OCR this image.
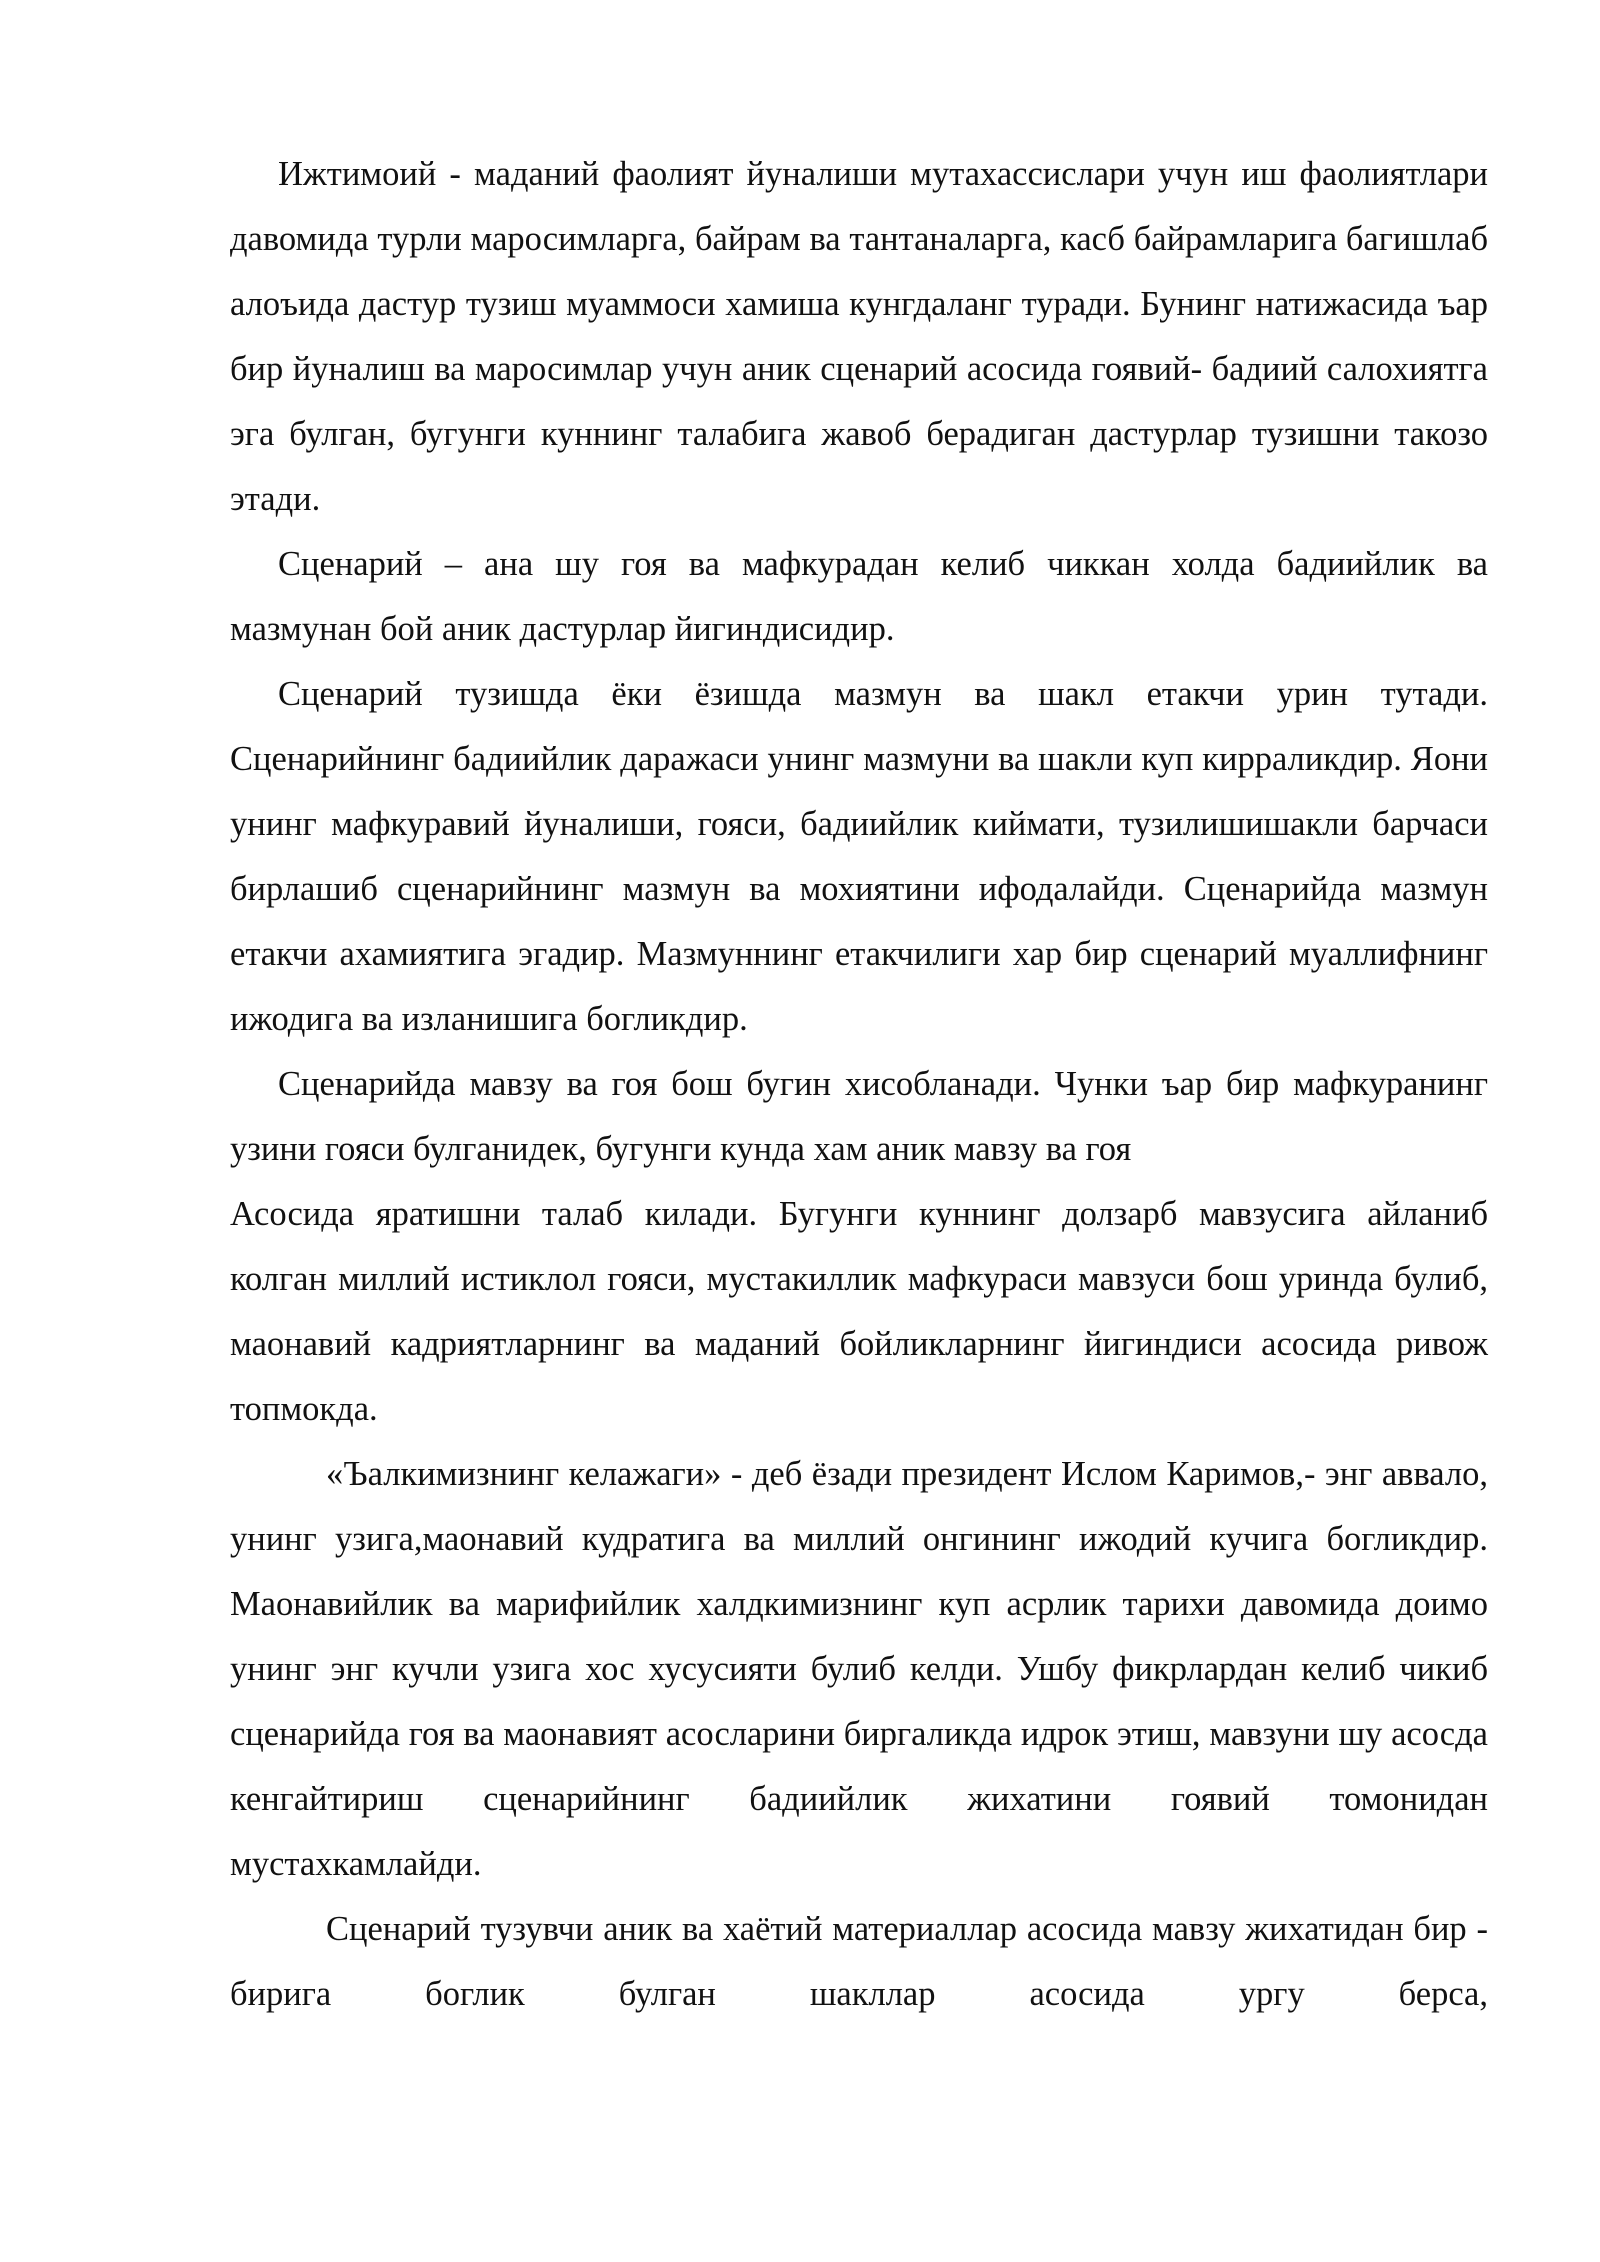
Ижтимоий - маданий фаолият йуналиши мутахассислари учун иш фаолиятлари давомида турли маросимларга, байрам ва тантаналарга, касб байрамларига багишлаб алоъида дастур тузиш муаммоси хамиша кунгдаланг туради. Бунинг натижасида ъар бир йуналиш ва маросимлар учун аник сценарий асосида гоявий- бадиий салохиятга эга булган, бугунги куннинг талабига жавоб берадиган дастурлар тузишни такозо этади.

Сценарий – ана шу гоя ва мафкурадан келиб чиккан холда бадиийлик ва мазмунан бой аник дастурлар йигиндисидир.

Сценарий тузишда ёки ёзишда мазмун ва шакл етакчи урин тутади. Сценарийнинг бадиийлик даражаси унинг мазмуни ва шакли куп кирраликдир. Яони унинг мафкуравий йуналиши, гояси, бадиийлик киймати, тузилишишакли барчаси бирлашиб сценарийнинг мазмун ва мохиятини ифодалайди. Сценарийда мазмун етакчи ахамиятига эгадир. Мазмуннинг етакчилиги хар бир сценарий муаллифнинг ижодига ва изланишига богликдир.

Сценарийда мавзу ва гоя бош бугин хисобланади. Чунки ъар бир мафкуранинг узини гояси булганидек, бугунги кунда хам аник мавзу ва гоя

Асосида яратишни талаб килади. Бугунги куннинг долзарб мавзусига айланиб колган миллий истиклол гояси, мустакиллик мафкураси мавзуси бош уринда булиб, маонавий кадриятларнинг ва маданий бойликларнинг йигиндиси асосида ривож топмокда.

«Ъалкимизнинг келажаги» - деб ёзади президент Ислом Каримов,- энг аввало, унинг узига,маонавий кудратига ва миллий онгининг ижодий кучига богликдир. Маонавийлик ва марифийлик халдкимизнинг куп асрлик тарихи давомида доимо унинг энг кучли узига хос хусусияти булиб келди. Ушбу фикрлардан келиб чикиб сценарийда гоя ва маонавият асосларини биргаликда идрок этиш, мавзуни шу асосда кенгайтириш сценарийнинг бадиийлик жихатини гоявий томонидан мустахкамлайди.

Сценарий тузувчи аник ва хаётий материаллар асосида мавзу жихатидан бир - бирига боглик булган шакллар асосида ургу берса,
